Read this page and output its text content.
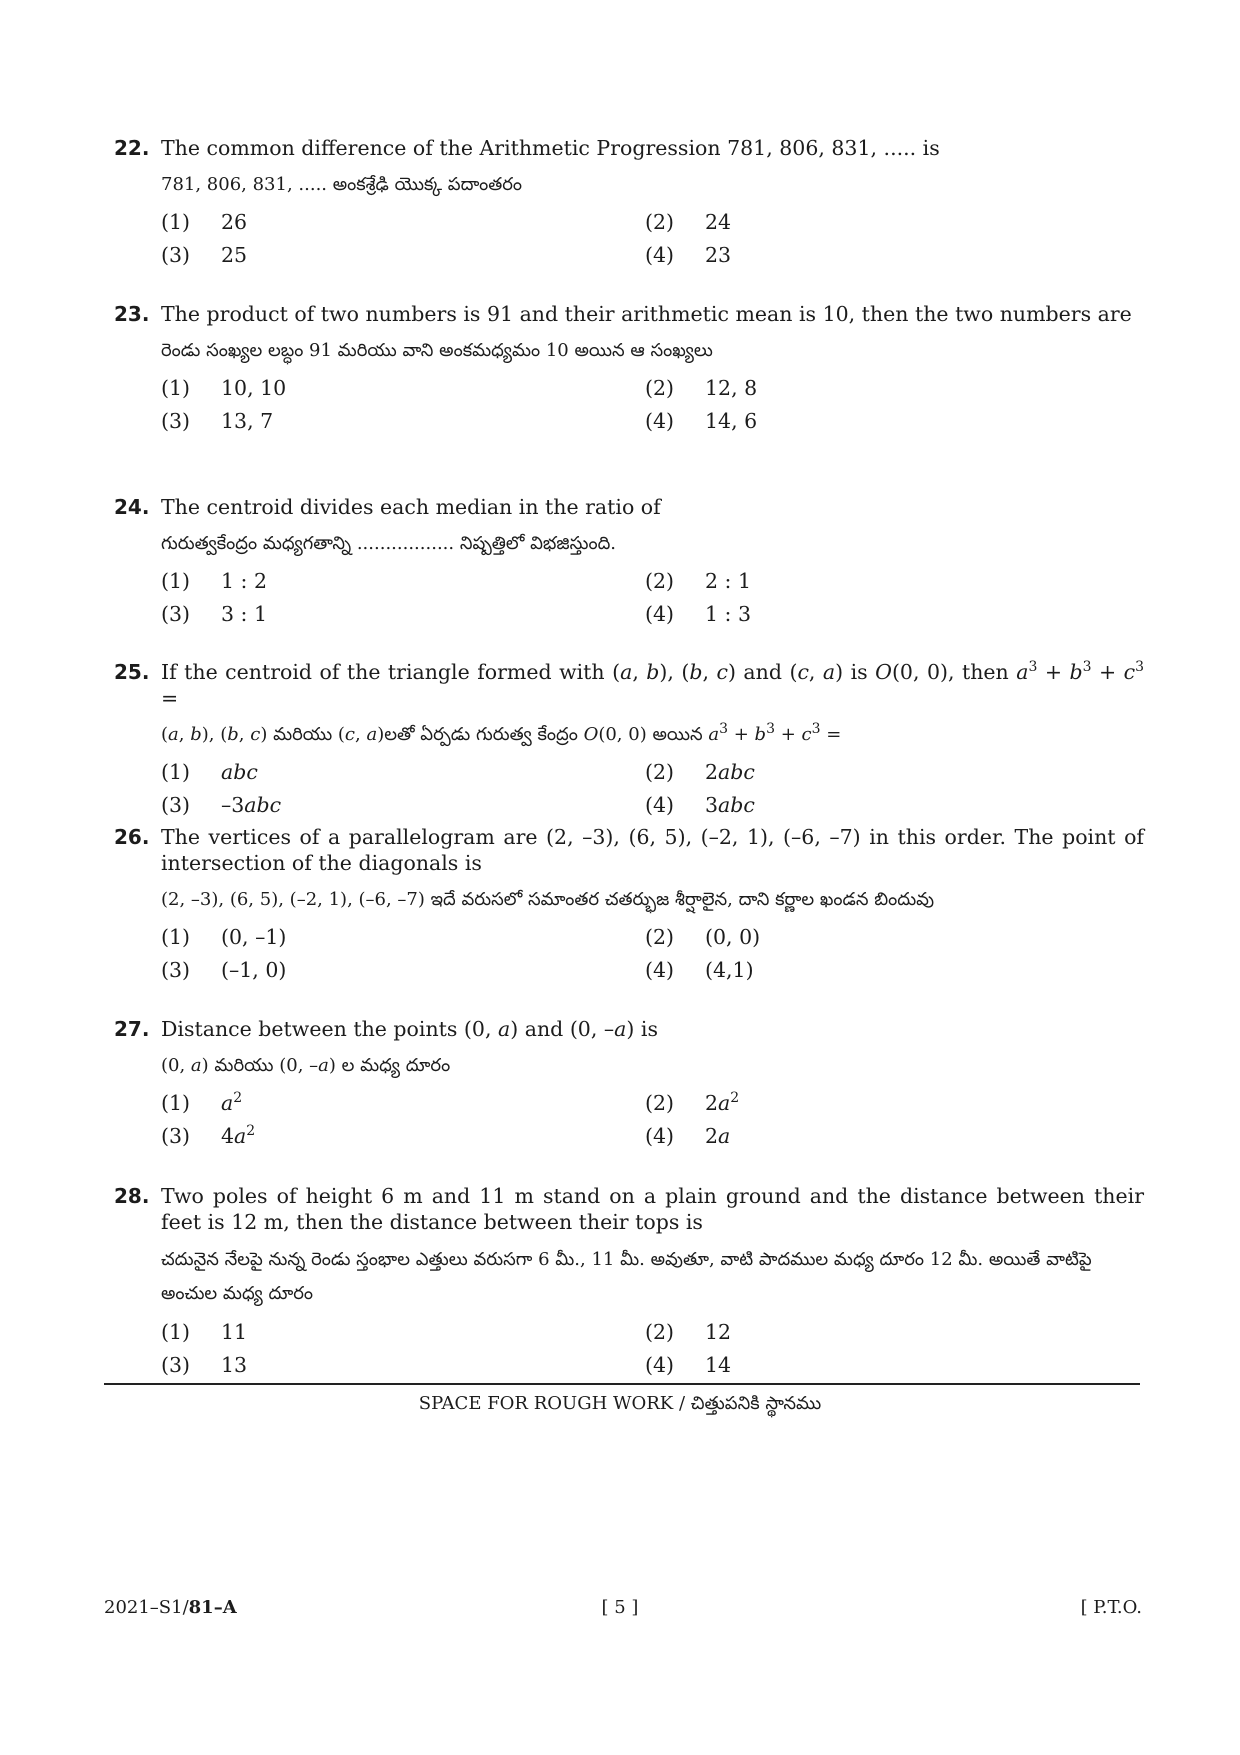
22. The common difference of the Arithmetic Progression 781, 806, 831, ..... is
781, 806, 831, ..... అంకశ్రేఢి యొక్క పదాంతరం
(1)	26	(2)	24
(3)	25	(4)	23
23. The product of two numbers is 91 and their arithmetic mean is 10, then the two numbers are
రెండు సంఖ్యల లబ్ధం 91 మరియు వాని అంకమధ్యమం 10 అయిన ఆ సంఖ్యలు
(1)	10, 10	(2)	12, 8
(3)	13, 7	(4)	14, 6
24. The centroid divides each median in the ratio of
గురుత్వకేంద్రం మధ్యగతాన్ని ................. నిష్పత్తిలో విభజిస్తుంది.
(1)	1 : 2	(2)	2 : 1
(3)	3 : 1	(4)	1 : 3
25. If the centroid of the triangle formed with (a, b), (b, c) and (c, a) is O(0, 0), then $a^3 + b^3 + c^3$ =
(a, b), (b, c) మరియు (c, a)లతో ఏర్పడు గురుత్వ కేంద్రం O(0, 0) అయిన $a^3 + b^3 + c^3$ =
(1)	abc	(2)	2abc
(3)	–3abc	(4)	3abc
26. The vertices of a parallelogram are (2, –3), (6, 5), (–2, 1), (–6, –7) in this order. The point of intersection of the diagonals is
(2, –3), (6, 5), (–2, 1), (–6, –7) ఇదే వరుసలో సమాంతర చతర్భుజ శీర్షాలైన, దాని కర్ణాల ఖండన బిందువు
(1)	(0, –1)	(2)	(0, 0)
(3)	(–1, 0)	(4)	(4,1)
27. Distance between the points (0, a) and (0, –a) is
(0, a) మరియు (0, –a) ల మధ్య దూరం
(1)	$a^2$	(2)	$2a^2$
(3)	$4a^2$	(4)	2a
28. Two poles of height 6 m and 11 m stand on a plain ground and the distance between their feet is 12 m, then the distance between their tops is
చదునైన నేలపై నున్న రెండు స్తంభాల ఎత్తులు వరుసగా 6 మీ., 11 మీ. అవుతూ, వాటి పాదముల మధ్య దూరం 12 మీ. అయితే వాటిపై అంచుల మధ్య దూరం
(1)	11	(2)	12
(3)	13	(4)	14
SPACE FOR ROUGH WORK / చిత్తుపనికి స్థానము
2021–S1/81–A	[ 5 ]	[ P.T.O.
